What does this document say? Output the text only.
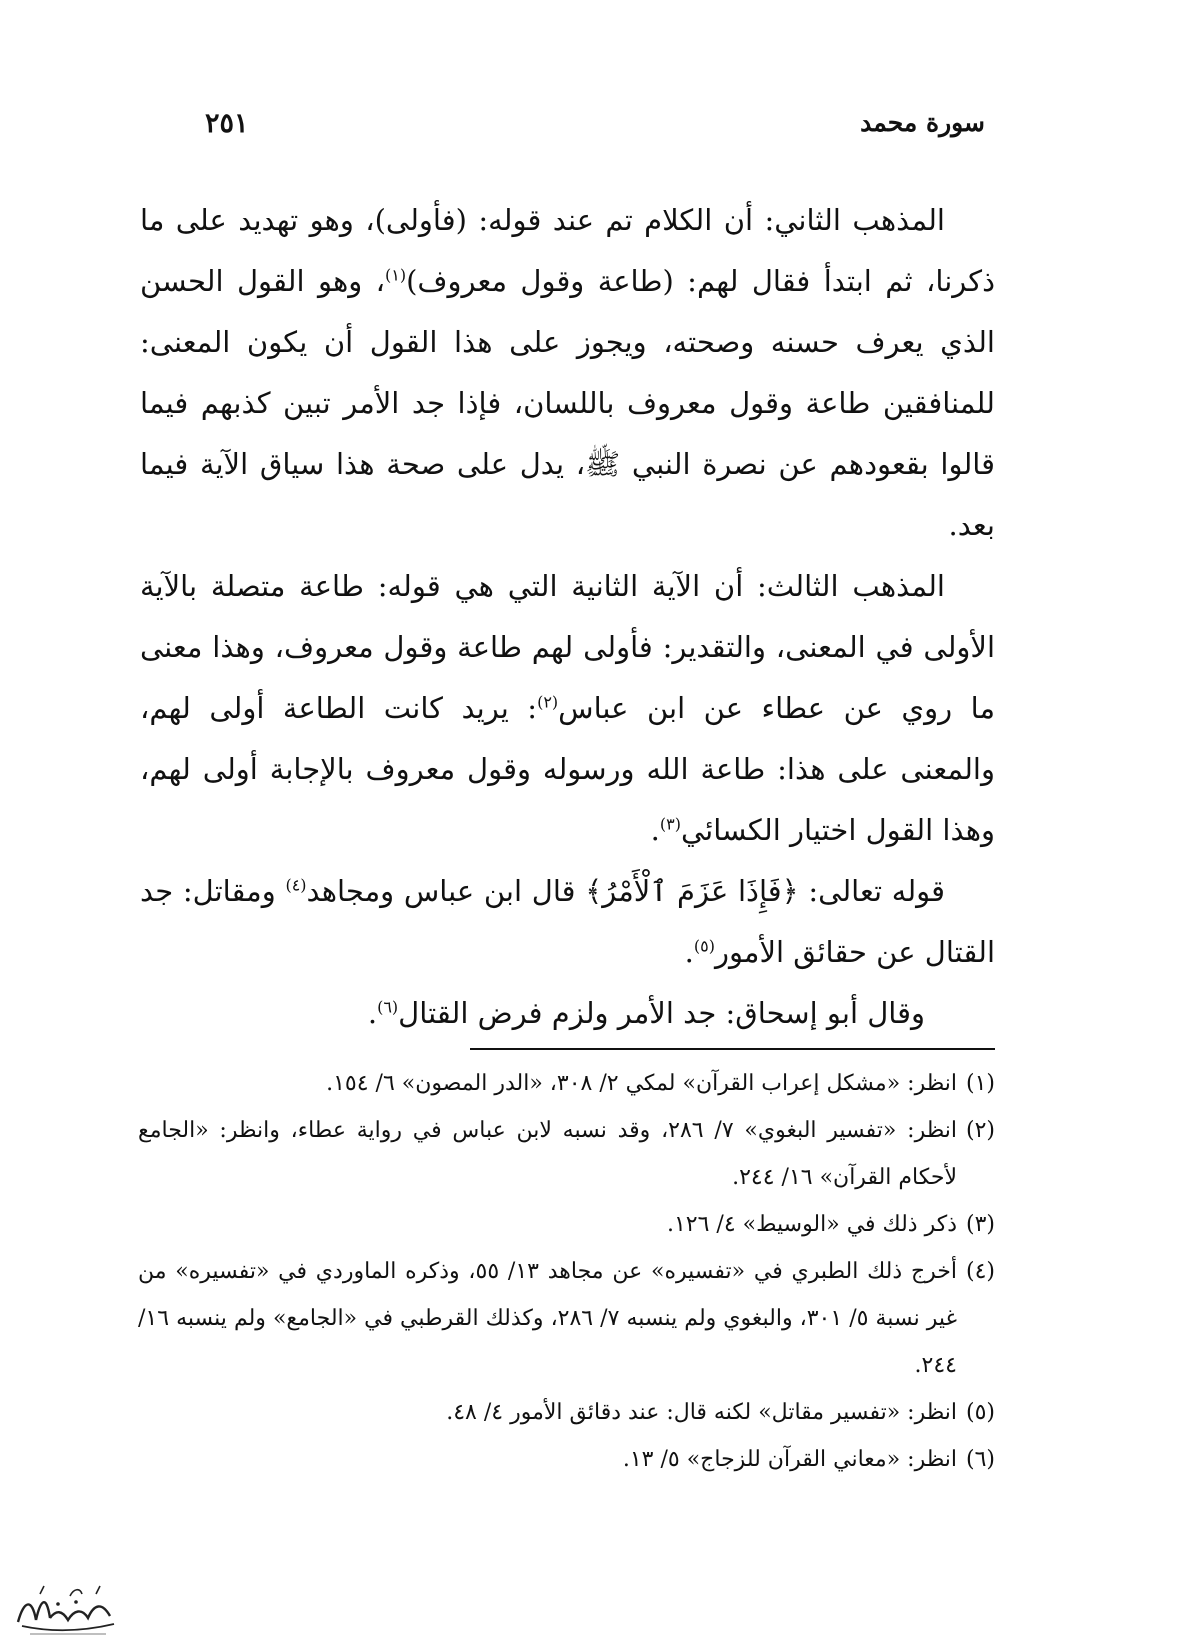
٢٥١	سورة محمد

المذهب الثاني: أن الكلام تم عند قوله: (فأولى)، وهو تهديد على ما ذكرنا، ثم ابتدأ فقال لهم: (طاعة وقول معروف)$^{(١)}$، وهو القول الحسن الذي يعرف حسنه وصحته، ويجوز على هذا القول أن يكون المعنى: للمنافقين طاعة وقول معروف باللسان، فإذا جد الأمر تبين كذبهم فيما قالوا بقعودهم عن نصرة النبي ﷺ، يدل على صحة هذا سياق الآية فيما بعد.

المذهب الثالث: أن الآية الثانية التي هي قوله: طاعة متصلة بالآية الأولى في المعنى، والتقدير: فأولى لهم طاعة وقول معروف، وهذا معنى ما روي عن عطاء عن ابن عباس$^{(٢)}$: يريد كانت الطاعة أولى لهم، والمعنى على هذا: طاعة الله ورسوله وقول معروف بالإجابة أولى لهم، وهذا القول اختيار الكسائي$^{(٣)}$.

قوله تعالى: ﴿فَإِذَا عَزَمَ ٱلْأَمْرُ﴾ قال ابن عباس ومجاهد$^{(٤)}$ ومقاتل: جد القتال عن حقائق الأمور$^{(٥)}$.

وقال أبو إسحاق: جد الأمر ولزم فرض القتال$^{(٦)}$.

(١)
انظر: «مشكل إعراب القرآن» لمكي ٢/ ٣٠٨، «الدر المصون» ٦/ ١٥٤.
(٢)
انظر: «تفسير البغوي» ٧/ ٢٨٦، وقد نسبه لابن عباس في رواية عطاء، وانظر: «الجامع لأحكام القرآن» ١٦/ ٢٤٤.
(٣)
ذكر ذلك في «الوسيط» ٤/ ١٢٦.
(٤)
أخرج ذلك الطبري في «تفسيره» عن مجاهد ١٣/ ٥٥، وذكره الماوردي في «تفسيره» من غير نسبة ٥/ ٣٠١، والبغوي ولم ينسبه ٧/ ٢٨٦، وكذلك القرطبي في «الجامع» ولم ينسبه ١٦/ ٢٤٤.
(٥)
انظر: «تفسير مقاتل» لكنه قال: عند دقائق الأمور ٤/ ٤٨.
(٦)
انظر: «معاني القرآن للزجاج» ٥/ ١٣.
